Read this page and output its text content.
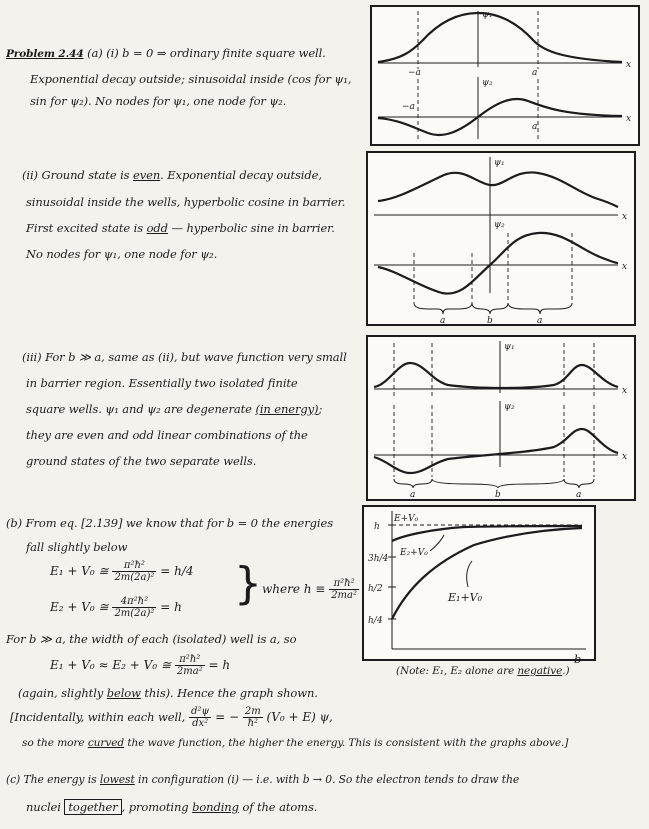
Problem 2.44 (a) (i) b = 0 ⇒ ordinary finite square well.
Exponential decay outside; sinusoidal inside (cos for ψ₁,
sin for ψ₂). No nodes for ψ₁, one node for ψ₂.
(ii) Ground state is even. Exponential decay outside,
sinusoidal inside the wells, hyperbolic cosine in barrier.
First excited state is odd — hyperbolic sine in barrier.
No nodes for ψ₁, one node for ψ₂.
(iii) For b ≫ a, same as (ii), but wave function very small
in barrier region. Essentially two isolated finite
square wells. ψ₁ and ψ₂ are degenerate (in energy);
they are even and odd linear combinations of the
ground states of the two separate wells.
(b) From eq. [2.139] we know that for b = 0 the energies
fall slightly below
E₁ + V₀ ≅ $\frac{\text{π²ħ²}}{\text{2m(2a)²}} = h/4$
E₂ + V₀ ≅ $\frac{\text{4π²ħ²}}{\text{2m(2a)²}} = h$ } where $h \equiv \frac{\text{π²ħ²}}{\text{2ma²}}$
For b ≫ a, the width of each (isolated) well is a, so
E₁ + V₀ ≈ E₂ + V₀ ≅ $\frac{\text{π²ħ²}}{\text{2ma²}} = h$
(again, slightly below this). Hence the graph shown.
[Incidentally, within each well, $\frac{\text{d²ψ}}{\text{dx²}}$ = − $\frac{2m}{\text{ħ²}} (V_0 + E)$ ψ,
so the more curved the wave function, the higher the energy. This is consistent with the graphs above.]
(c) The energy is lowest in configuration (i) — i.e. with b → 0. So the electron tends to draw the
nuclei together , promoting bonding of the atoms.
ψ₁
−a	a
x
ψ₂
−a
a
x
ψ₁
x
ψ₂
x
a	b	a
ψ₁
x
ψ₂
x
a	b	a
E+V₀
h
3h/4
h/2
h/4
E₂+V₀
E₁+V₀
b
(Note: E₁, E₂ alone are negative.)
